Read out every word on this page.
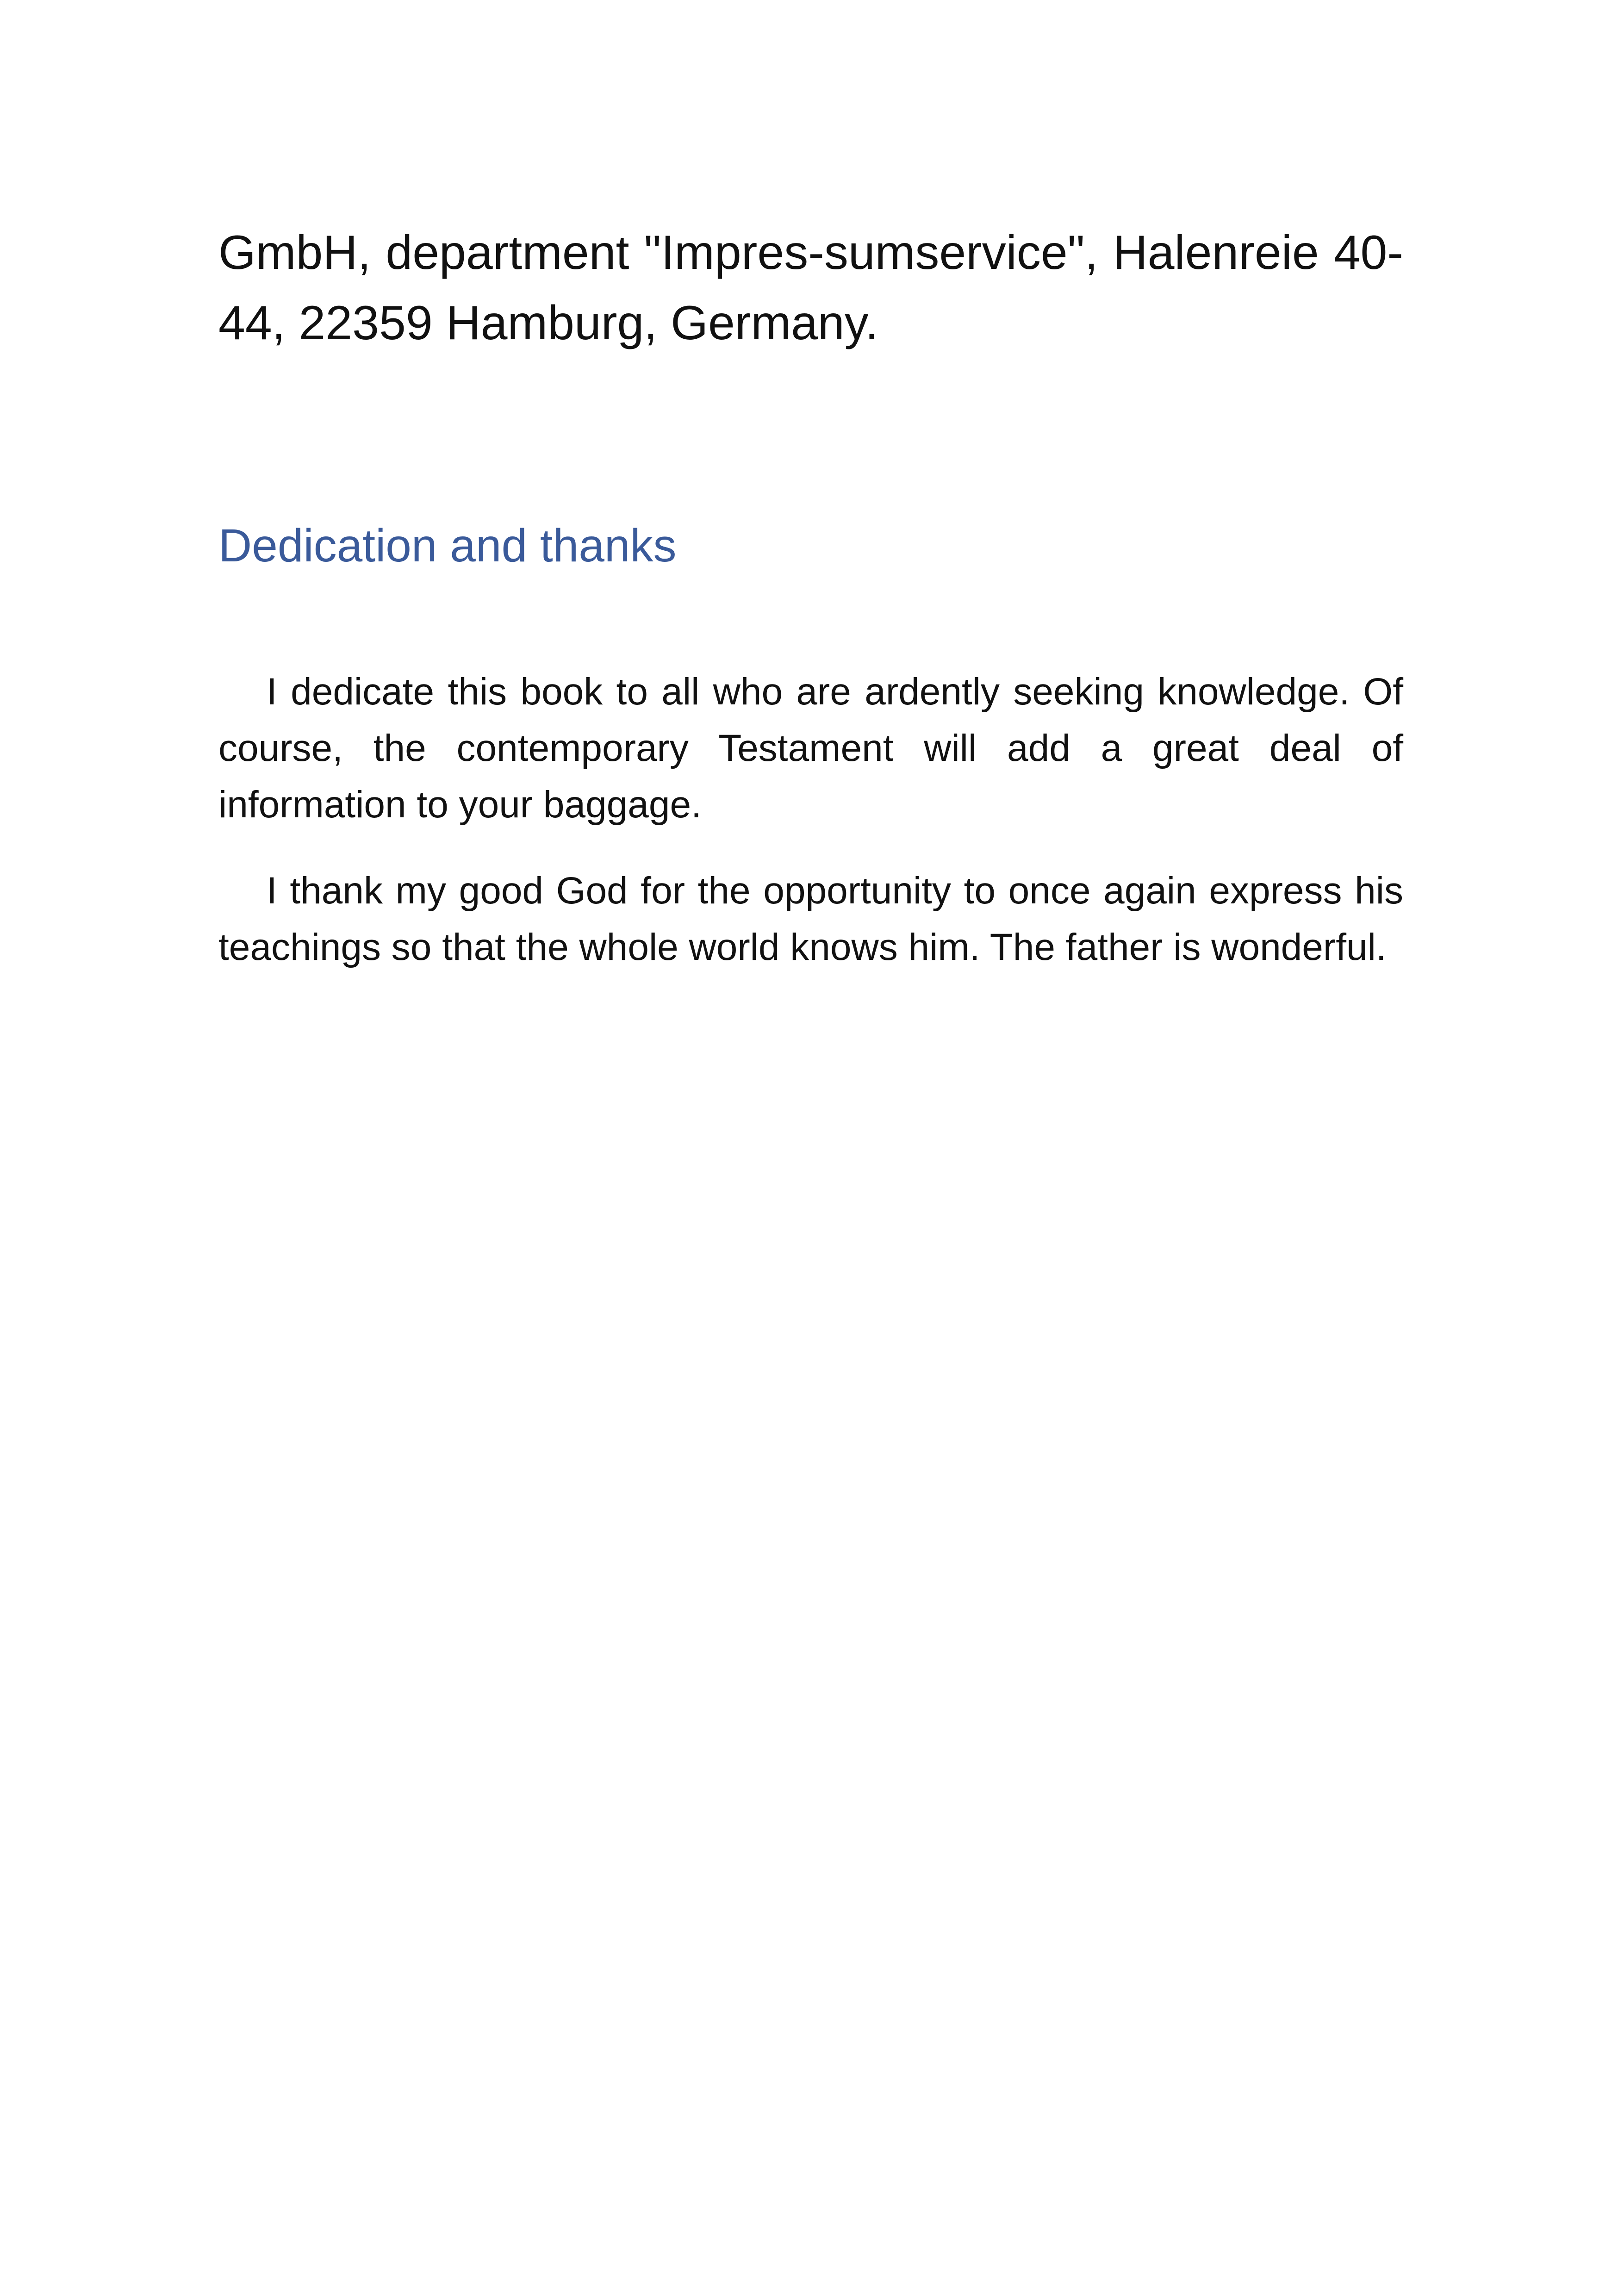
GmbH, department "Impres-sumservice", Halenreie 40-44, 22359 Hamburg, Germany.

Dedication and thanks

I dedicate this book to all who are ardently seeking knowledge. Of course, the contemporary Testament will add a great deal of information to your baggage.

I thank my good God for the opportunity to once again express his teachings so that the whole world knows him. The father is wonderful.
